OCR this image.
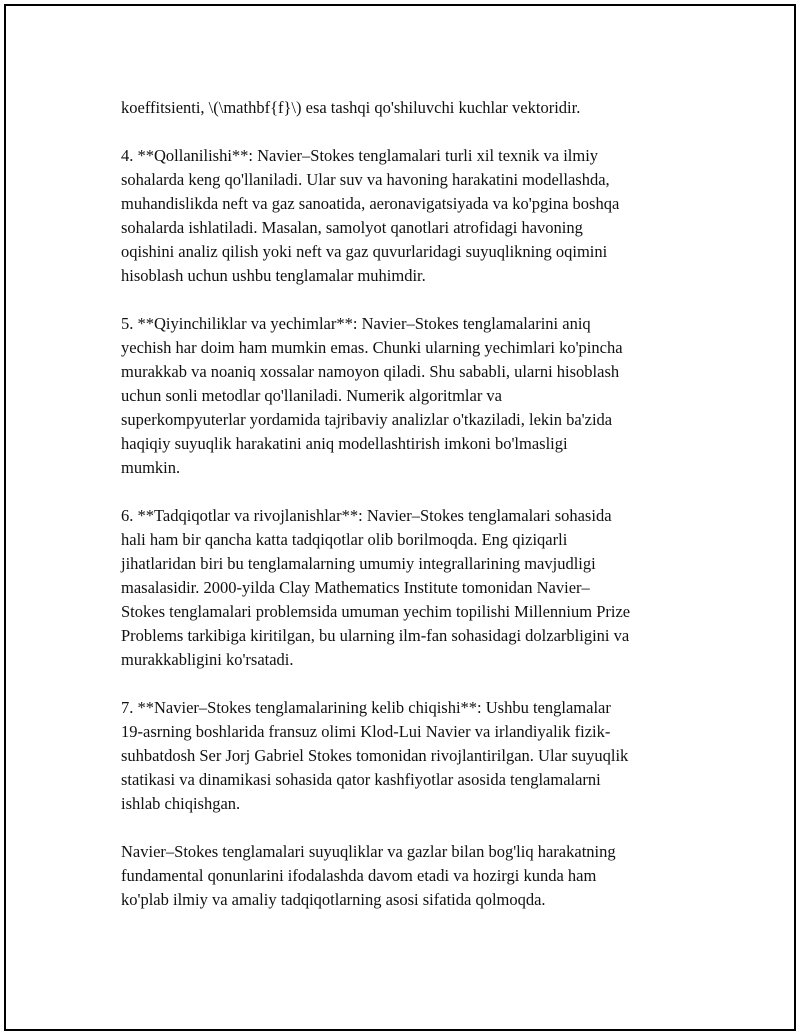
koeffitsienti, \(\mathbf{f}\) esa tashqi qo'shiluvchi kuchlar vektoridir.
4. **Qollanilishi**: Navier–Stokes tenglamalari turli xil texnik va ilmiy
sohalarda keng qo'llaniladi. Ular suv va havoning harakatini modellashda,
muhandislikda neft va gaz sanoatida, aeronavigatsiyada va ko'pgina boshqa
sohalarda ishlatiladi. Masalan, samolyot qanotlari atrofidagi havoning
oqishini analiz qilish yoki neft va gaz quvurlaridagi suyuqlikning oqimini
hisoblash uchun ushbu tenglamalar muhimdir.
5. **Qiyinchiliklar va yechimlar**: Navier–Stokes tenglamalarini aniq
yechish har doim ham mumkin emas. Chunki ularning yechimlari ko'pincha
murakkab va noaniq xossalar namoyon qiladi. Shu sababli, ularni hisoblash
uchun sonli metodlar qo'llaniladi. Numerik algoritmlar va
superkompyuterlar yordamida tajribaviy analizlar o'tkaziladi, lekin ba'zida
haqiqiy suyuqlik harakatini aniq modellashtirish imkoni bo'lmasligi
mumkin.
6. **Tadqiqotlar va rivojlanishlar**: Navier–Stokes tenglamalari sohasida
hali ham bir qancha katta tadqiqotlar olib borilmoqda. Eng qiziqarli
jihatlaridan biri bu tenglamalarning umumiy integrallarining mavjudligi
masalasidir. 2000-yilda Clay Mathematics Institute tomonidan Navier–
Stokes tenglamalari problemsida umuman yechim topilishi Millennium Prize
Problems tarkibiga kiritilgan, bu ularning ilm-fan sohasidagi dolzarbligini va
murakkabligini ko'rsatadi.
7. **Navier–Stokes tenglamalarining kelib chiqishi**: Ushbu tenglamalar
19-asrning boshlarida fransuz olimi Klod-Lui Navier va irlandiyalik fizik-
suhbatdosh Ser Jorj Gabriel Stokes tomonidan rivojlantirilgan. Ular suyuqlik
statikasi va dinamikasi sohasida qator kashfiyotlar asosida tenglamalarni
ishlab chiqishgan.
Navier–Stokes tenglamalari suyuqliklar va gazlar bilan bog'liq harakatning
fundamental qonunlarini ifodalashda davom etadi va hozirgi kunda ham
ko'plab ilmiy va amaliy tadqiqotlarning asosi sifatida qolmoqda.
